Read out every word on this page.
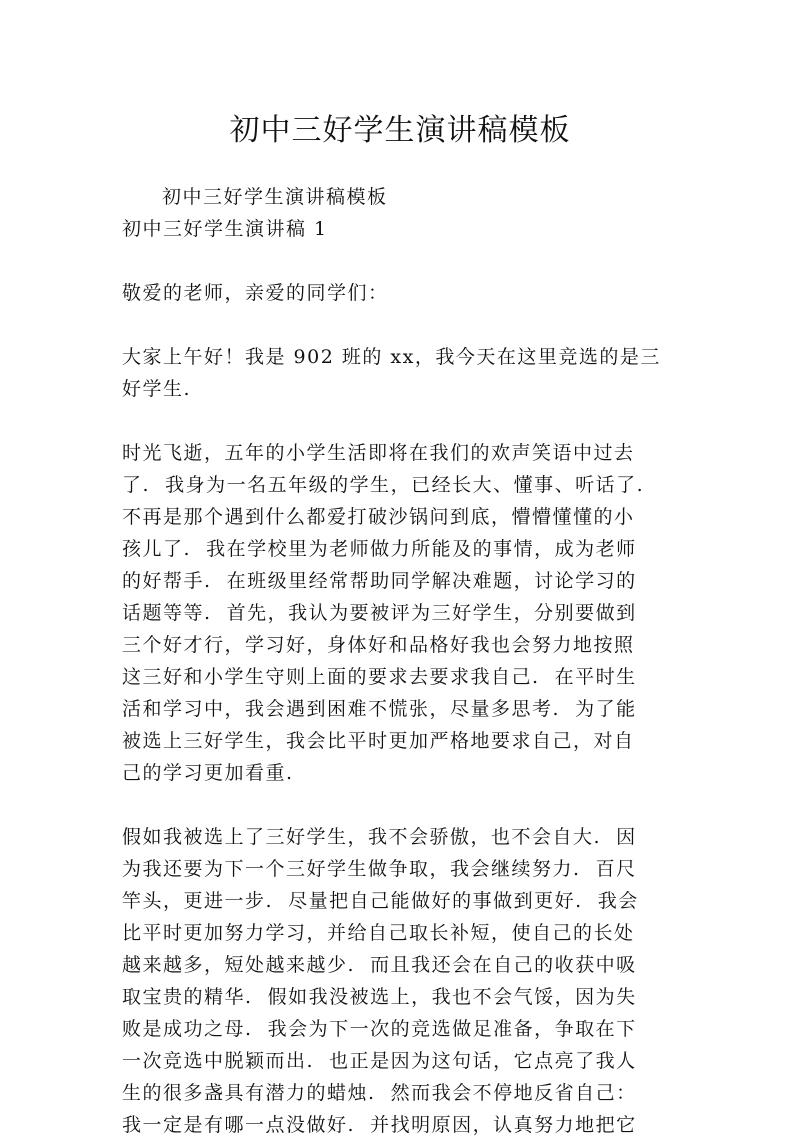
初中三好学生演讲稿模板
初中三好学生演讲稿模板
初中三好学生演讲稿 1
敬爱的老师，亲爱的同学们：
大家上午好！我是 902 班的 xx，我今天在这里竞选的是三
好学生.
时光飞逝，五年的小学生活即将在我们的欢声笑语中过去
了.  我身为一名五年级的学生，已经长大、懂事、听话了.
不再是那个遇到什么都爱打破沙锅问到底，懵懵懂懂的小
孩儿了.  我在学校里为老师做力所能及的事情，成为老师
的好帮手.  在班级里经常帮助同学解决难题，讨论学习的
话题等等.  首先，我认为要被评为三好学生，分别要做到
三个好才行，学习好，身体好和品格好我也会努力地按照
这三好和小学生守则上面的要求去要求我自己.  在平时生
活和学习中，我会遇到困难不慌张，尽量多思考.  为了能
被选上三好学生，我会比平时更加严格地要求自己，对自
己的学习更加看重.
假如我被选上了三好学生，我不会骄傲，也不会自大.  因
为我还要为下一个三好学生做争取，我会继续努力.  百尺
竿头，更进一步.  尽量把自己能做好的事做到更好.  我会
比平时更加努力学习，并给自己取长补短，使自己的长处
越来越多，短处越来越少.  而且我还会在自己的收获中吸
取宝贵的精华.  假如我没被选上，我也不会气馁，因为失
败是成功之母.  我会为下一次的竞选做足准备，争取在下
一次竞选中脱颖而出.  也正是因为这句话，它点亮了我人
生的很多盏具有潜力的蜡烛.  然而我会不停地反省自己：
我一定是有哪一点没做好.  并找明原因，认真努力地把它
